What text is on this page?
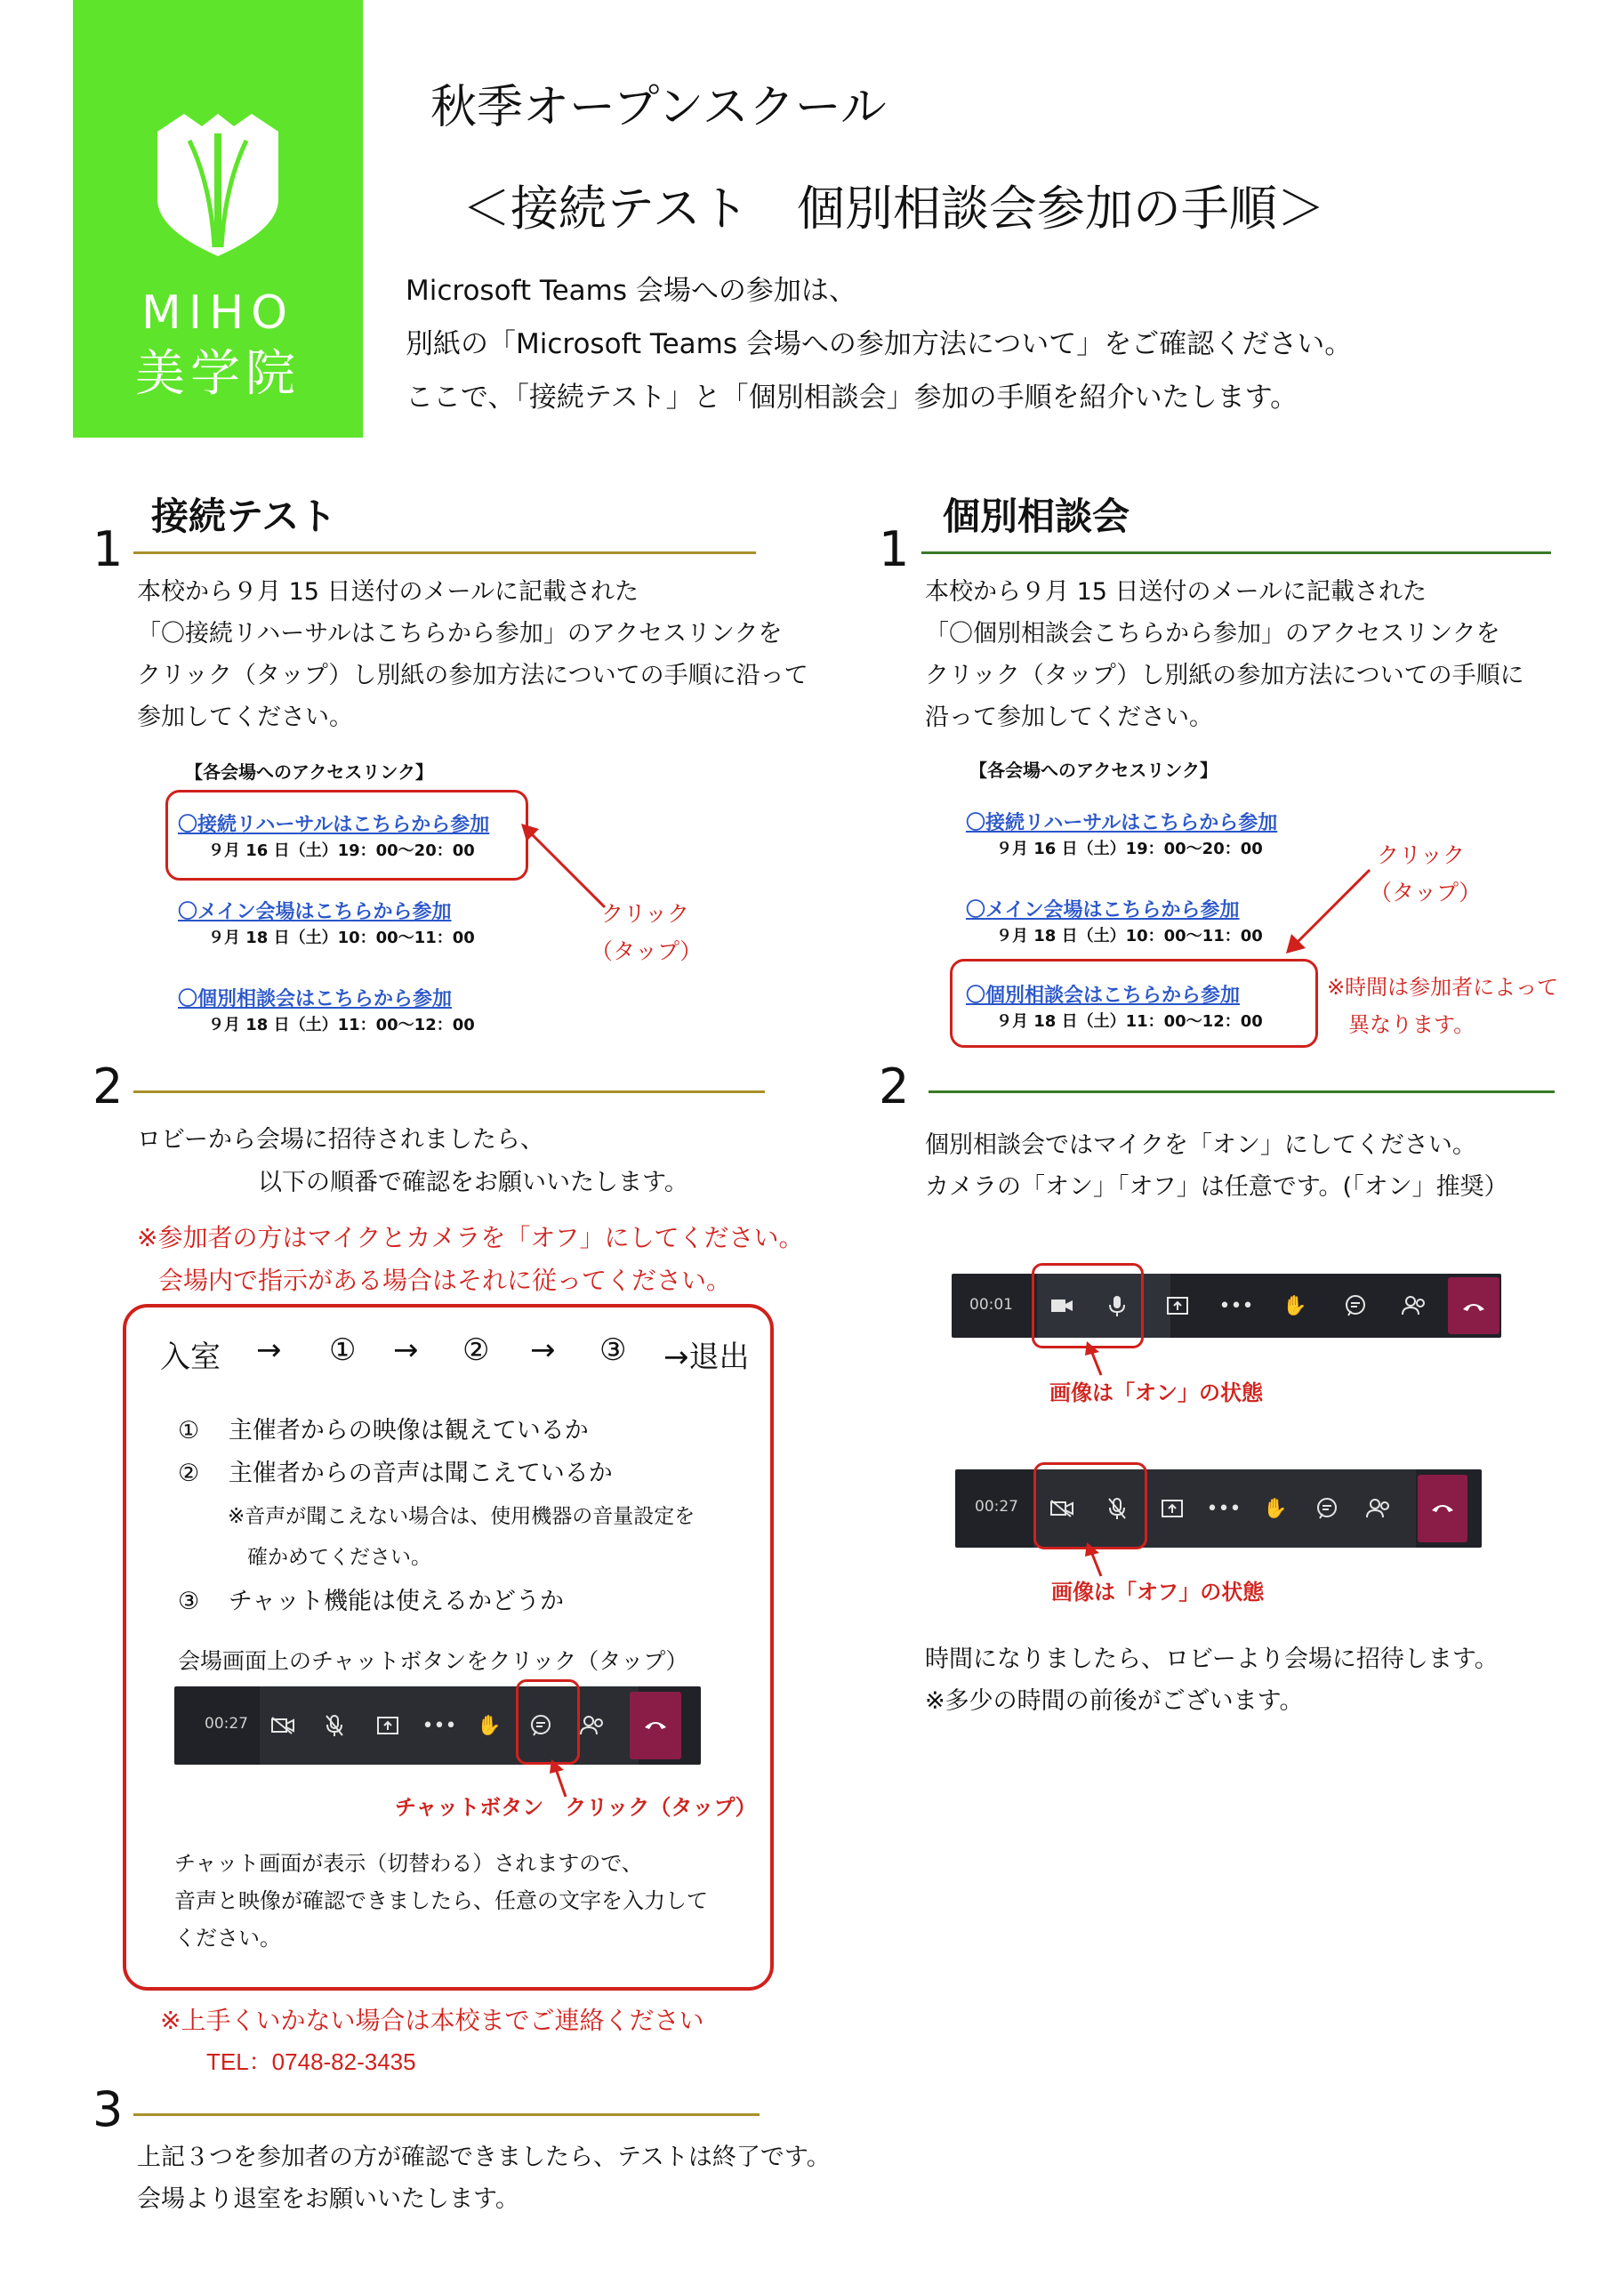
MIHO
美学院
秋季オープンスクール
＜接続テスト　個別相談会参加の手順＞
Microsoft Teams 会場への参加は、
別紙の「Microsoft Teams 会場への参加方法について」をご確認ください。
ここで、「接続テスト」と「個別相談会」参加の手順を紹介いたします。
接続テスト
1
本校から９月 15 日送付のメールに記載された
「〇接続リハーサルはこちらから参加」のアクセスリンクを
クリック（タップ）し別紙の参加方法についての手順に沿って
参加してください。
【各会場へのアクセスリンク】
〇接続リハーサルはこちらから参加
９月 16 日（土）19：00〜20：00
〇メイン会場はこちらから参加
９月 18 日（土）10：00〜11：00
〇個別相談会はこちらから参加
９月 18 日（土）11：00〜12：00
クリック
（タップ）
2
ロビーから会場に招待されましたら、
以下の順番で確認をお願いいたします。
※参加者の方はマイクとカメラを「オフ」にしてください。
会場内で指示がある場合はそれに従ってください。
入室	→	①	→	②	→	③	→退出
① 主催者からの映像は観えているか
② 主催者からの音声は聞こえているか
※音声が聞こえない場合は、使用機器の音量設定を
確かめてください。
③ チャット機能は使えるかどうか
会場画面上のチャットボタンをクリック（タップ）
00:27	••• ✋
チャットボタン　クリック（タップ）
チャット画面が表示（切替わる）されますので、
音声と映像が確認できましたら、任意の文字を入力して
ください。
※上手くいかない場合は本校までご連絡ください
TEL：0748-82-3435
3
上記３つを参加者の方が確認できましたら、テストは終了です。
会場より退室をお願いいたします。
個別相談会
1
本校から９月 15 日送付のメールに記載された
「〇個別相談会こちらから参加」のアクセスリンクを
クリック（タップ）し別紙の参加方法についての手順に
沿って参加してください。
【各会場へのアクセスリンク】
〇接続リハーサルはこちらから参加
９月 16 日（土）19：00〜20：00
〇メイン会場はこちらから参加
９月 18 日（土）10：00〜11：00
〇個別相談会はこちらから参加
９月 18 日（土）11：00〜12：00
クリック
（タップ）
※時間は参加者によって
異なります。
2
個別相談会ではマイクを「オン」にしてください。
カメラの「オン」「オフ」は任意です。(「オン」推奨）
00:01	••• ✋
画像は「オン」の状態
00:27	••• ✋
画像は「オフ」の状態
時間になりましたら、ロビーより会場に招待します。
※多少の時間の前後がございます。
